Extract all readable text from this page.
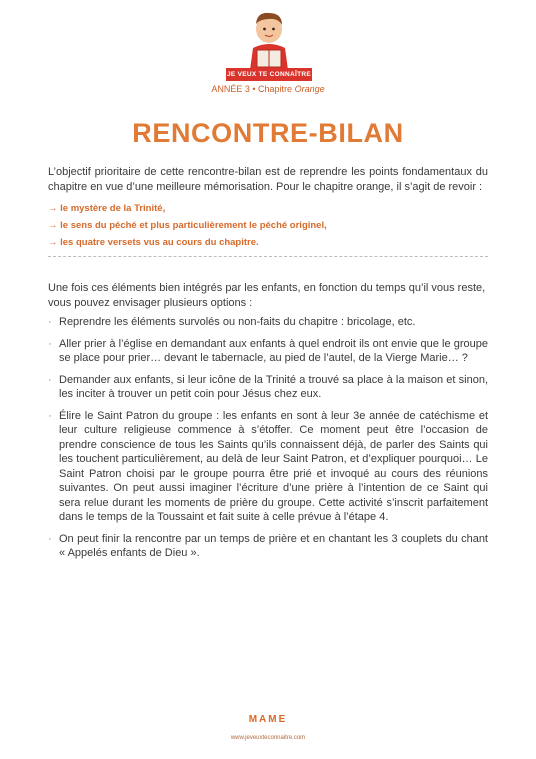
JE VEUX TE CONNAÎTRE
ANNÉE 3 • Chapitre Orange
RENCONTRE-BILAN
L’objectif prioritaire de cette rencontre-bilan est de reprendre les points fondamentaux du chapitre en vue d’une meilleure mémorisation. Pour le chapitre orange, il s’agit de revoir :
→ le mystère de la Trinité,
→ le sens du péché et plus particulièrement le péché originel,
→ les quatre versets vus au cours du chapitre.
Une fois ces éléments bien intégrés par les enfants, en fonction du temps qu’il vous reste, vous pouvez envisager plusieurs options :
· Reprendre les éléments survolés ou non-faits du chapitre : bricolage, etc.
· Aller prier à l’église en demandant aux enfants à quel endroit ils ont envie que le groupe se place pour prier… devant le tabernacle, au pied de l’autel, de la Vierge Marie… ?
· Demander aux enfants, si leur icône de la Trinité a trouvé sa place à la maison et sinon, les inciter à trouver un petit coin pour Jésus chez eux.
· Élire le Saint Patron du groupe : les enfants en sont à leur 3e année de catéchisme et leur culture religieuse commence à s’étoffer. Ce moment peut être l’occasion de prendre conscience de tous les Saints qu’ils connaissent déjà, de parler des Saints qui les touchent particulièrement, au delà de leur Saint Patron, et d’expliquer pourquoi… Le Saint Patron choisi par le groupe pourra être prié et invoqué au cours des réunions suivantes. On peut aussi imaginer l’écriture d’une prière à l’intention de ce Saint qui sera relue durant les moments de prière du groupe. Cette activité s’inscrit parfaitement dans le temps de la Toussaint et fait suite à celle prévue à l’étape 4.
· On peut finir la rencontre par un temps de prière et en chantant les 3 couplets du chant « Appelés enfants de Dieu ».
MAME
www.jeveuxteconnaitre.com
